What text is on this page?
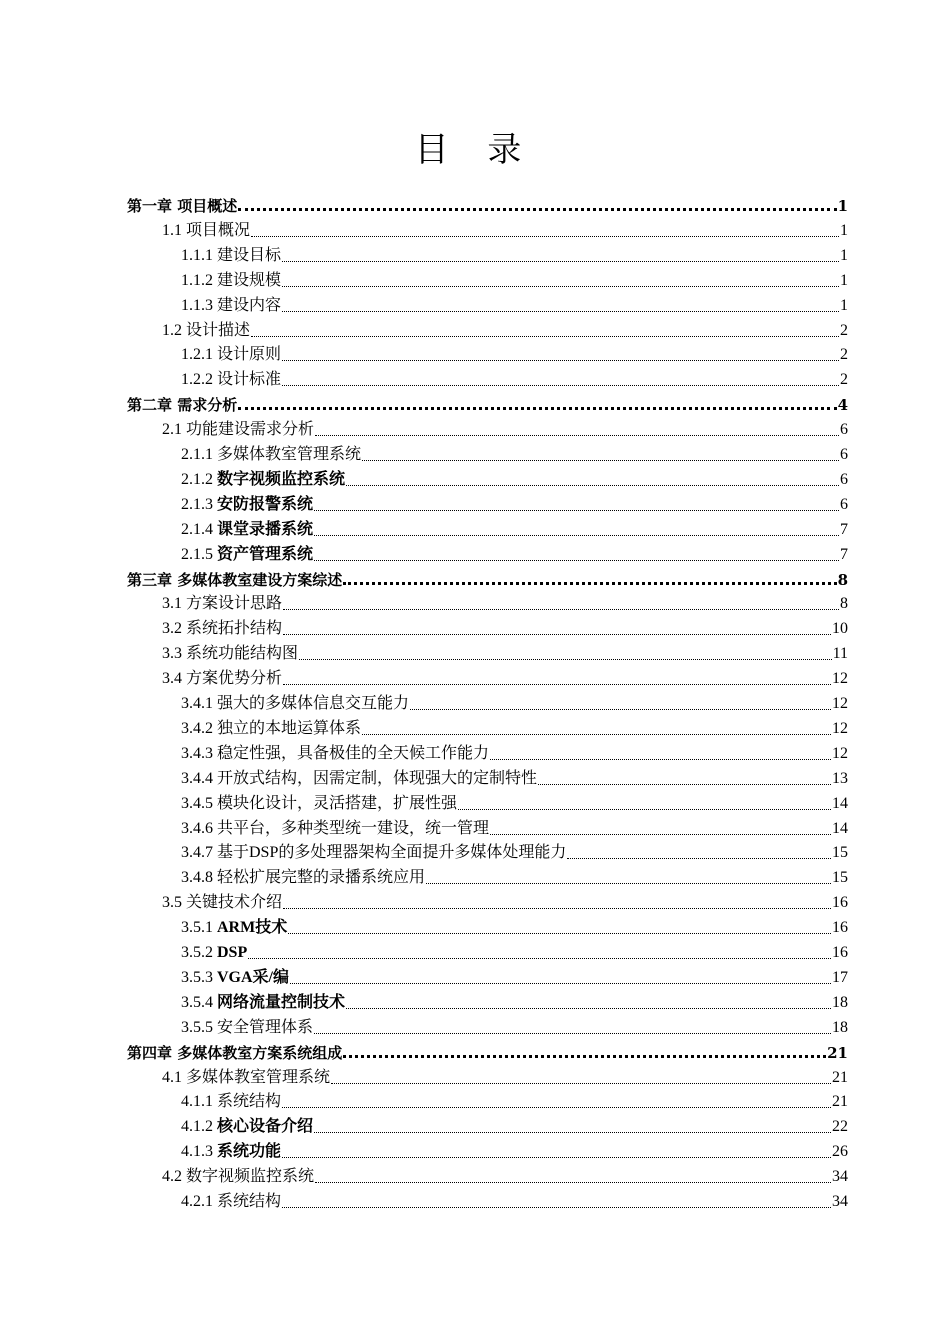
目 录
第一章 项目概述	1
1.1 项目概况	1
1.1.1 建设目标	1
1.1.2 建设规模	1
1.1.3 建设内容	1
1.2 设计描述	2
1.2.1 设计原则	2
1.2.2 设计标准	2
第二章 需求分析	4
2.1 功能建设需求分析	6
2.1.1 多媒体教室管理系统	6
2.1.2 数字视频监控系统	6
2.1.3 安防报警系统	6
2.1.4 课堂录播系统	7
2.1.5 资产管理系统	7
第三章 多媒体教室建设方案综述	8
3.1 方案设计思路	8
3.2 系统拓扑结构	10
3.3 系统功能结构图	11
3.4 方案优势分析	12
3.4.1 强大的多媒体信息交互能力	12
3.4.2 独立的本地运算体系	12
3.4.3 稳定性强，具备极佳的全天候工作能力	12
3.4.4 开放式结构，因需定制，体现强大的定制特性	13
3.4.5 模块化设计，灵活搭建，扩展性强	14
3.4.6 共平台，多种类型统一建设，统一管理	14
3.4.7 基于DSP的多处理器架构全面提升多媒体处理能力	15
3.4.8 轻松扩展完整的录播系统应用	15
3.5 关键技术介绍	16
3.5.1 ARM技术	16
3.5.2 DSP	16
3.5.3 VGA采/编	17
3.5.4 网络流量控制技术	18
3.5.5 安全管理体系	18
第四章 多媒体教室方案系统组成	21
4.1 多媒体教室管理系统	21
4.1.1 系统结构	21
4.1.2 核心设备介绍	22
4.1.3 系统功能	26
4.2 数字视频监控系统	34
4.2.1 系统结构	34
